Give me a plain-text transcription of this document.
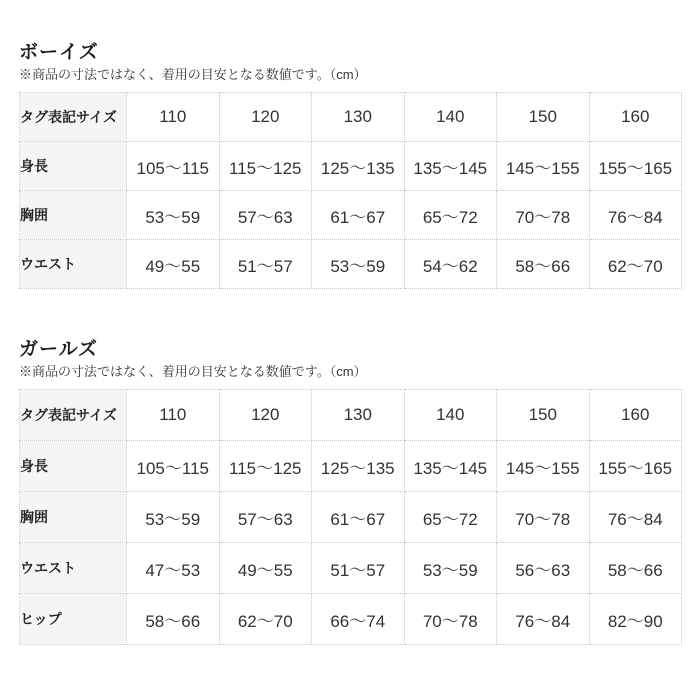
ボーイズ
※商品の寸法ではなく、着用の目安となる数値です。（cm）
タグ表記サイズ	110	120	130	140	150	160
身長	105〜115	115〜125	125〜135	135〜145	145〜155	155〜165
胸囲	53〜59	57〜63	61〜67	65〜72	70〜78	76〜84
ウエスト	49〜55	51〜57	53〜59	54〜62	58〜66	62〜70
ガールズ
※商品の寸法ではなく、着用の目安となる数値です。（cm）
タグ表記サイズ	110	120	130	140	150	160
身長	105〜115	115〜125	125〜135	135〜145	145〜155	155〜165
胸囲	53〜59	57〜63	61〜67	65〜72	70〜78	76〜84
ウエスト	47〜53	49〜55	51〜57	53〜59	56〜63	58〜66
ヒップ	58〜66	62〜70	66〜74	70〜78	76〜84	82〜90
